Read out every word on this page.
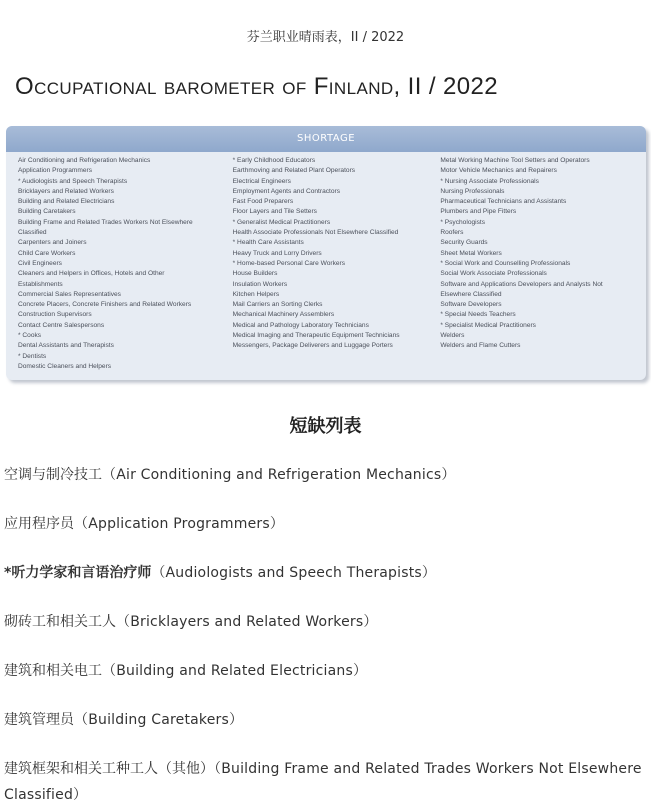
芬兰职业晴雨表，II / 2022
Occupational barometer of Finland, II / 2022
SHORTAGE
Air Conditioning and Refrigeration Mechanics
Application Programmers
* Audiologists and Speech Therapists
Bricklayers and Related Workers
Building and Related Electricians
Building Caretakers
Building Frame and Related Trades Workers Not Elsewhere
Classified
Carpenters and Joiners
Child Care Workers
Civil Engineers
Cleaners and Helpers in Offices, Hotels and Other
Establishments
Commercial Sales Representatives
Concrete Placers, Concrete Finishers and Related Workers
Construction Supervisors
Contact Centre Salespersons
* Cooks
Dental Assistants and Therapists
* Dentists
Domestic Cleaners and Helpers
* Early Childhood Educators
Earthmoving and Related Plant Operators
Electrical Engineers
Employment Agents and Contractors
Fast Food Preparers
Floor Layers and Tile Setters
* Generalist Medical Practitioners
Health Associate Professionals Not Elsewhere Classified
* Health Care Assistants
Heavy Truck and Lorry Drivers
* Home-based Personal Care Workers
House Builders
Insulation Workers
Kitchen Helpers
Mail Carriers an Sorting Clerks
Mechanical Machinery Assemblers
Medical and Pathology Laboratory Technicians
Medical Imaging and Therapeutic Equipment Technicians
Messengers, Package Deliverers and Luggage Porters
Metal Working Machine Tool Setters and Operators
Motor Vehicle Mechanics and Repairers
* Nursing Associate Professionals
Nursing Professionals
Pharmaceutical Technicians and Assistants
Plumbers and Pipe Fitters
* Psychologists
Roofers
Security Guards
Sheet Metal Workers
* Social Work and Counselling Professionals
Social Work Associate Professionals
Software and Applications Developers and Analysts Not
Elsewhere Classified
Software Developers
* Special Needs Teachers
* Specialist Medical Practitioners
Welders
Welders and Flame Cutters
短缺列表
空调与制冷技工（Air Conditioning and Refrigeration Mechanics）
应用程序员（Application Programmers）
*听力学家和言语治疗师（Audiologists and Speech Therapists）
砌砖工和相关工人（Bricklayers and Related Workers）
建筑和相关电工（Building and Related Electricians）
建筑管理员（Building Caretakers）
建筑框架和相关工种工人（其他）（Building Frame and Related Trades Workers Not Elsewhere Classified）
